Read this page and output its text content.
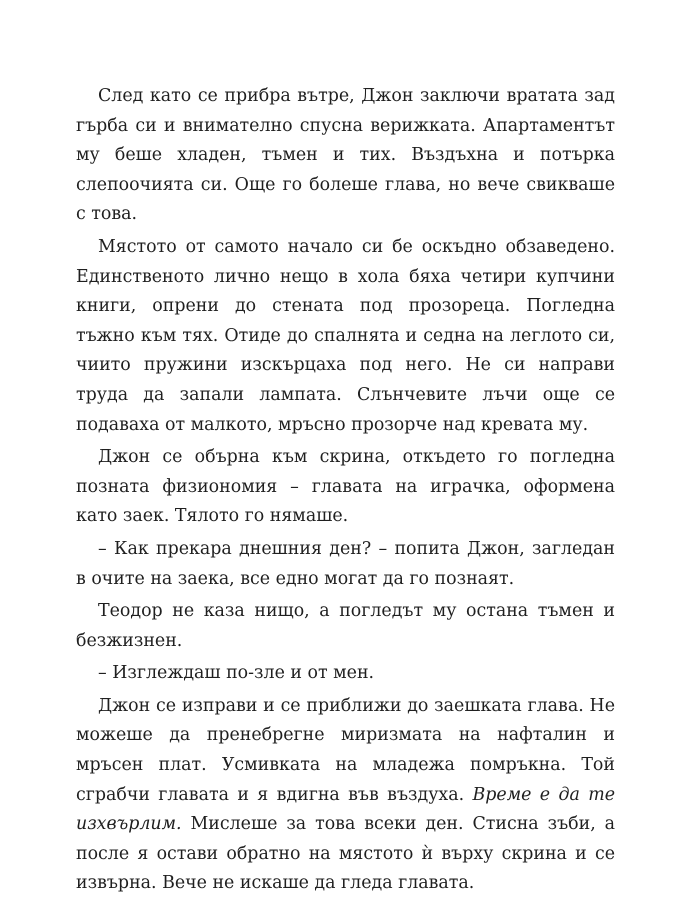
След като се прибра вътре, Джон заключи вратата зад гърба си и внимателно спусна верижката. Апартаментът му беше хладен, тъмен и тих. Въздъхна и потърка слепоочията си. Още го болеше глава, но вече свикваше с това.

Мястото от самото начало си бе оскъдно обзаведено. Единственото лично нещо в хола бяха четири купчини книги, опрени до стената под прозореца. Погледна тъжно към тях. Отиде до спалнята и седна на леглото си, чиито пружини изскърцаха под него. Не си направи труда да запали лампата. Слънчевите лъчи още се подаваха от малкото, мръсно прозорче над кревата му.

Джон се обърна към скрина, откъдето го погледна позната физиономия – главата на играчка, оформена като заек. Тялото го нямаше.

– Как прекара днешния ден? – попита Джон, загледан в очите на заека, все едно могат да го познаят.

Теодор не каза нищо, а погледът му остана тъмен и безжизнен.

– Изглеждаш по-зле и от мен.

Джон се изправи и се приближи до заешката глава. Не можеше да пренебрегне миризмата на нафталин и мръсен плат. Усмивката на младежа помръкна. Той сграбчи главата и я вдигна във въздуха. Време е да те изхвърлим. Мислеше за това всеки ден. Стисна зъби, а после я остави обратно на мястото ѝ върху скрина и се извърна. Вече не искаше да гледа главата.
